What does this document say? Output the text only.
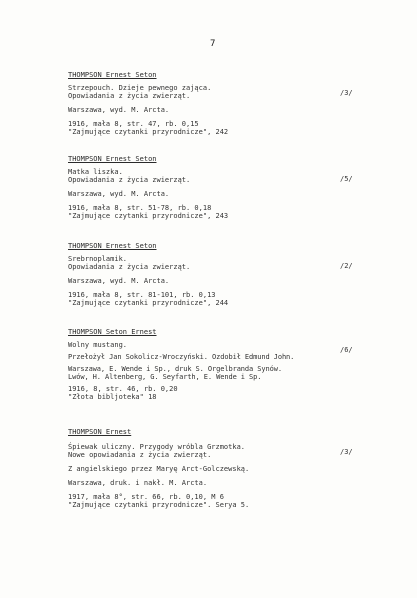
7
THOMPSON Ernest Seton
Strzepouch. Dzieje pewnego zająca.
Opowiadania z życia zwierząt.
Warszawa, wyd. M. Arcta.
1916, mała 8, str. 47, rb. 0,15
"Zajmujące czytanki przyrodnicze", 242
/3/
THOMPSON Ernest Seton
Matka liszka.
Opowiadania z życia zwierząt.
Warszawa, wyd. M. Arcta.
1916, mała 8, str. 51-78, rb. 0,18
"Zajmujące czytanki przyrodnicze", 243
/5/
THOMPSON Ernest Seton
Srebrnoplamik.
Opowiadania z życia zwierząt.
Warszawa, wyd. M. Arcta.
1916, mała 8, str. 81-101, rb. 0,13
"Zajmujące czytanki przyrodnicze", 244
/2/
THOMPSON Seton Ernest
Wolny mustang.
Przełożył Jan Sokolicz-Wroczyński. Ozdobił Edmund John.
Warszawa, E. Wende i Sp., druk S. Orgelbranda Synów.
Lwów, H. Altenberg, G. Seyfarth, E. Wende i Sp.
1916, 8, str. 46, rb. 0,20
"Złota bibljoteka" 18
/6/
THOMPSON Ernest
Śpiewak uliczny. Przygody wróbla Grzmotka.
Nowe opowiadania z życia zwierząt.
Z angielskiego przez Maryę Arct-Golczewską.
Warszawa, druk. i nakł. M. Arcta.
1917, mała 8°, str. 66, rb. 0,10, M 6
"Zajmujące czytanki przyrodnicze". Serya 5.
/3/
